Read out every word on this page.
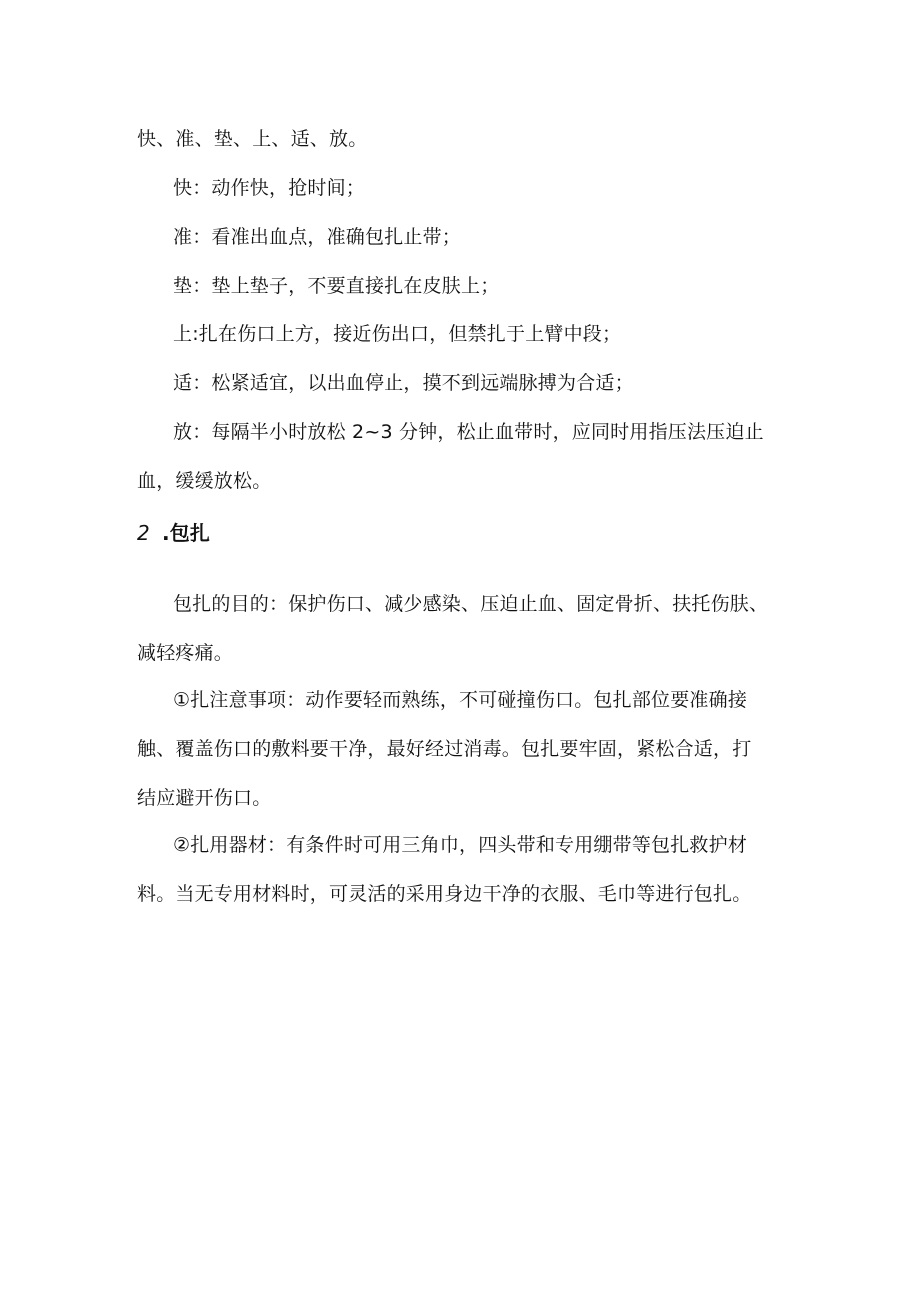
快、准、垫、上、适、放。
快：动作快，抢时间；
准：看准出血点，准确包扎止带；
垫：垫上垫子，不要直接扎在皮肤上；
上:扎在伤口上方，接近伤出口，但禁扎于上臂中段；
适：松紧适宜，以出血停止，摸不到远端脉搏为合适；
放：每隔半小时放松 2~3 分钟，松止血带时，应同时用指压法压迫止
血，缓缓放松。
2 .包扎
包扎的目的：保护伤口、减少感染、压迫止血、固定骨折、扶托伤肤、
减轻疼痛。
①扎注意事项：动作要轻而熟练，不可碰撞伤口。包扎部位要准确接
触、覆盖伤口的敷料要干净，最好经过消毒。包扎要牢固，紧松合适，打
结应避开伤口。
②扎用器材：有条件时可用三角巾，四头带和专用绷带等包扎救护材
料。当无专用材料时，可灵活的采用身边干净的衣服、毛巾等进行包扎。
